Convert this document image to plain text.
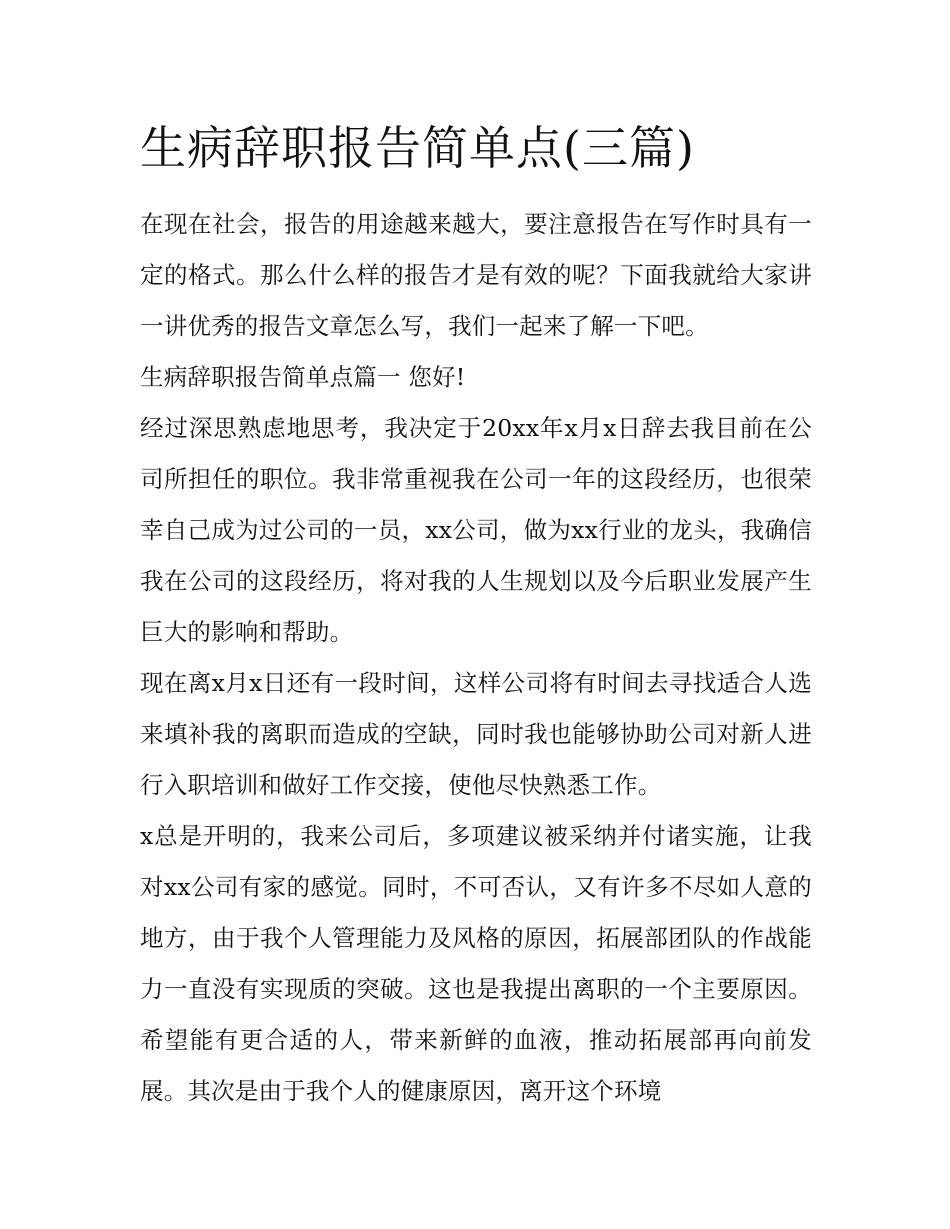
生病辞职报告简单点(三篇)

在现在社会，报告的用途越来越大，要注意报告在写作时具有一定的格式。那么什么样的报告才是有效的呢？下面我就给大家讲一讲优秀的报告文章怎么写，我们一起来了解一下吧。

生病辞职报告简单点篇一 您好!

经过深思熟虑地思考，我决定于20xx年x月x日辞去我目前在公司所担任的职位。我非常重视我在公司一年的这段经历，也很荣幸自己成为过公司的一员，xx公司，做为xx行业的龙头，我确信我在公司的这段经历，将对我的人生规划以及今后职业发展产生巨大的影响和帮助。

现在离x月x日还有一段时间，这样公司将有时间去寻找适合人选来填补我的离职而造成的空缺，同时我也能够协助公司对新人进行入职培训和做好工作交接，使他尽快熟悉工作。

x总是开明的，我来公司后，多项建议被采纳并付诸实施，让我对xx公司有家的感觉。同时，不可否认，又有许多不尽如人意的地方，由于我个人管理能力及风格的原因，拓展部团队的作战能力一直没有实现质的突破。这也是我提出离职的一个主要原因。希望能有更合适的人，带来新鲜的血液，推动拓展部再向前发展。其次是由于我个人的健康原因，离开这个环境
